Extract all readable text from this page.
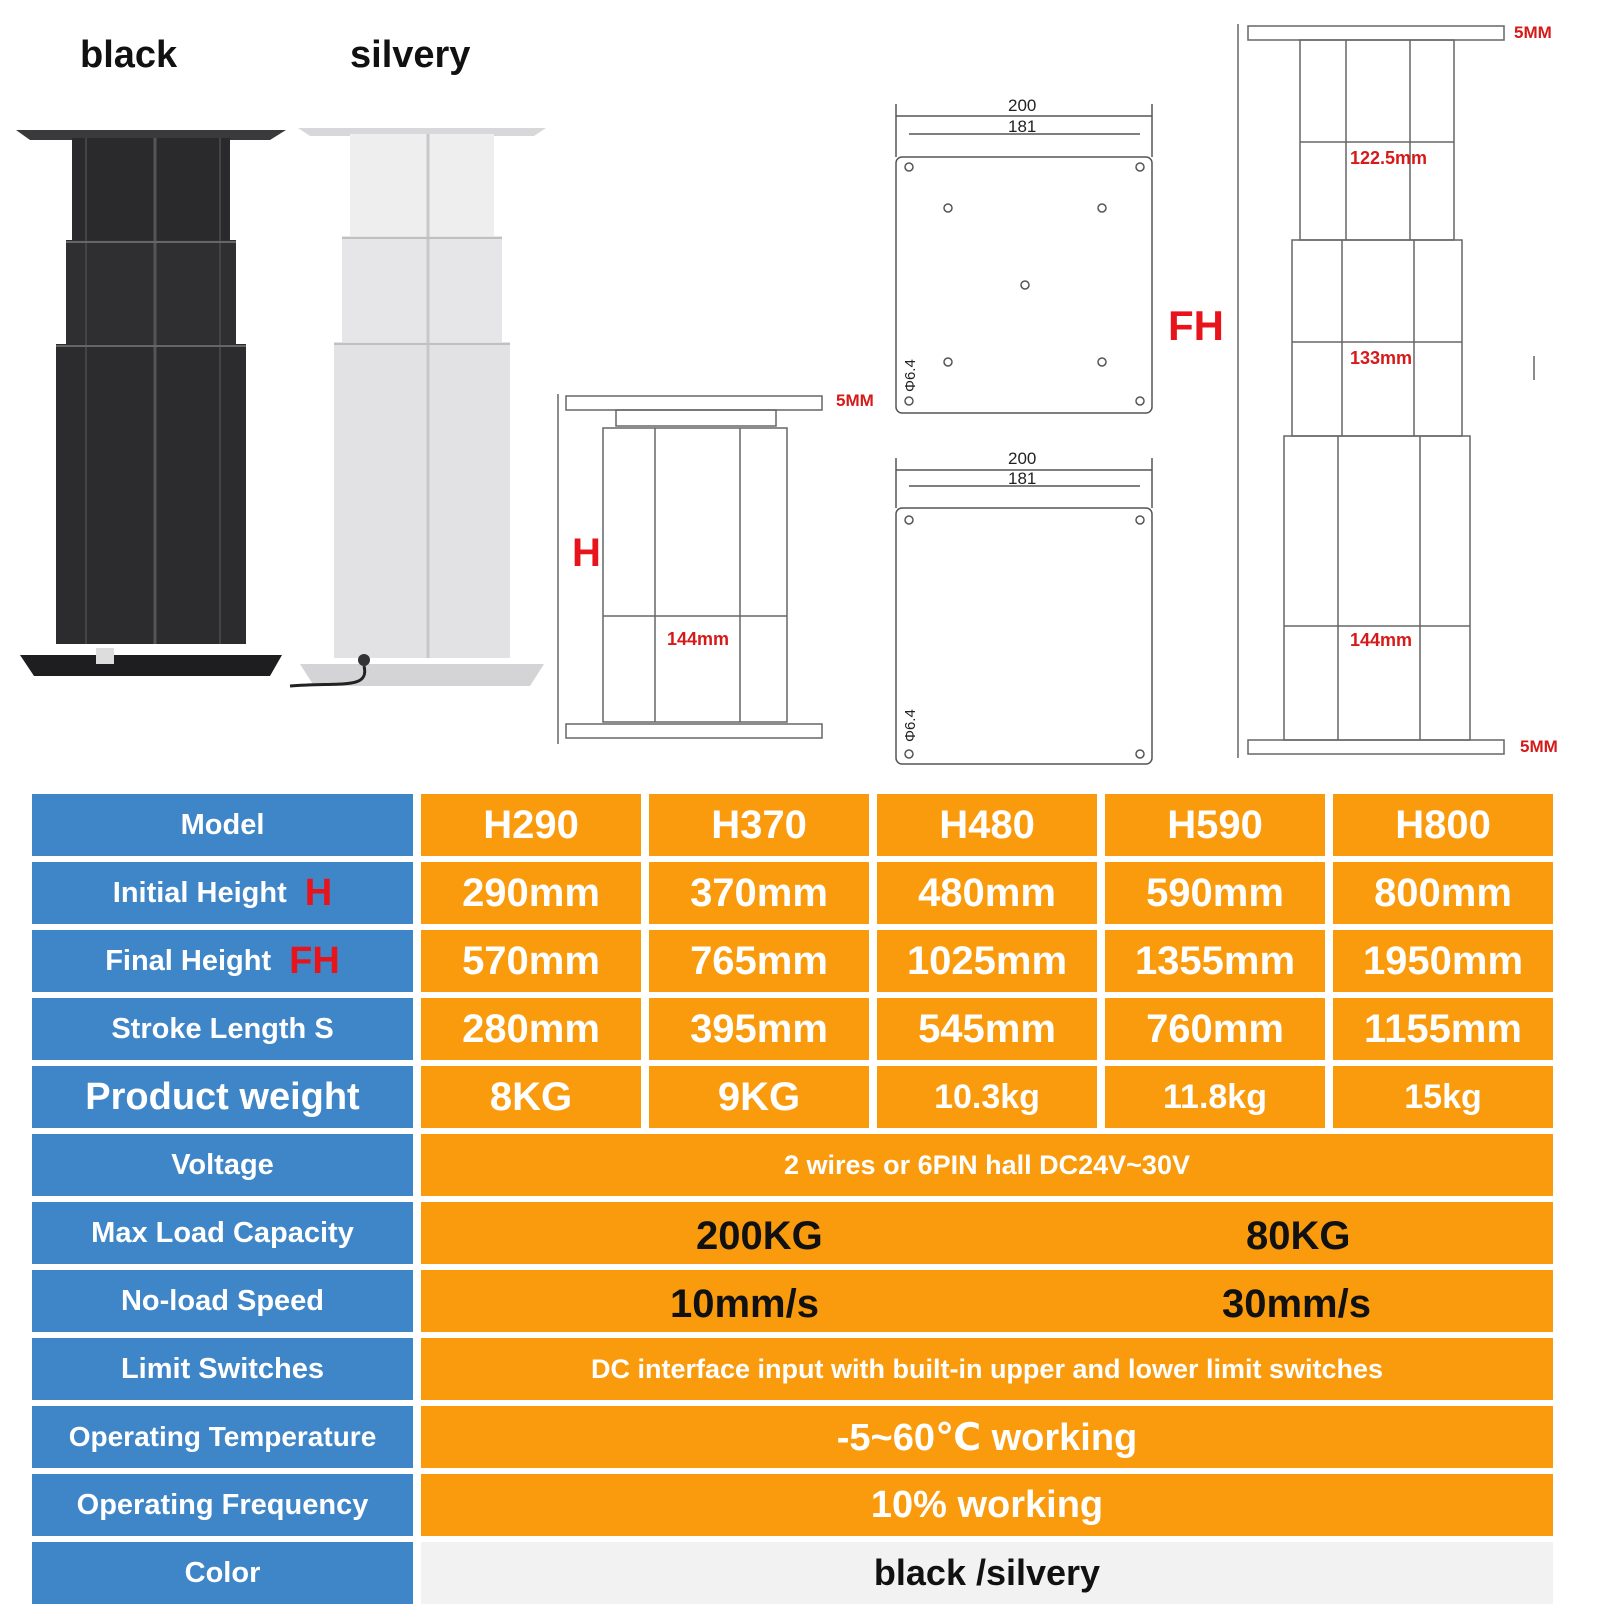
black	silvery
5MM
H
144mm
200
181
Φ6.4
200
181
Φ6.4
5MM
5MM
FH
122.5mm
133mm
144mm
Model	H290	H370	H480	H590	H800
Initial Height H	290mm	370mm	480mm	590mm	800mm
Final Height FH	570mm	765mm	1025mm	1355mm	1950mm
Stroke Length S	280mm	395mm	545mm	760mm	1155mm
Product weight	8KG	9KG	10.3kg	11.8kg	15kg
Voltage	2 wires or 6PIN hall DC24V~30V
Max Load Capacity	200KG	80KG
No-load Speed	10mm/s	30mm/s
Limit Switches	DC interface input with built-in upper and lower limit switches
Operating Temperature	-5~60℃ working
Operating Frequency	10% working
Color	black /silvery
